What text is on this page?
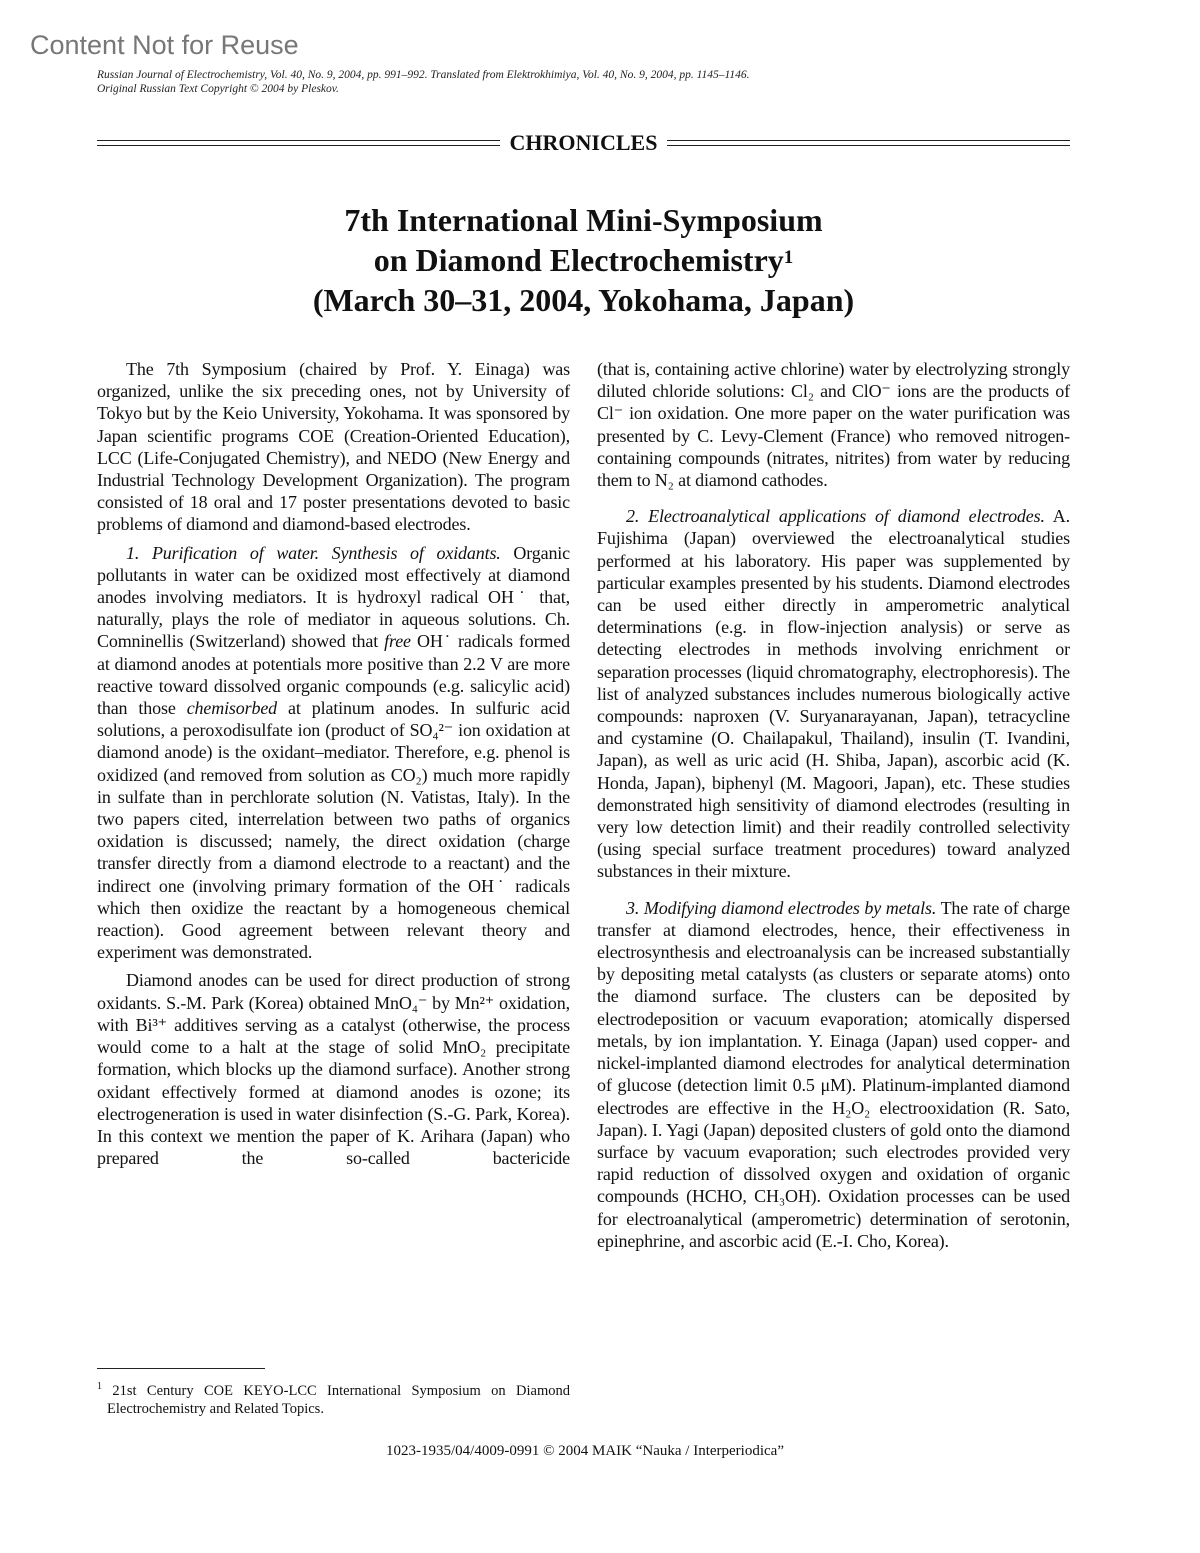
Content Not for Reuse
Russian Journal of Electrochemistry, Vol. 40, No. 9, 2004, pp. 991–992. Translated from Elektrokhimiya, Vol. 40, No. 9, 2004, pp. 1145–1146.
Original Russian Text Copyright © 2004 by Pleskov.
CHRONICLES
7th International Mini-Symposium
on Diamond Electrochemistry$^1$
(March 30–31, 2004, Yokohama, Japan)

The 7th Symposium (chaired by Prof. Y. Einaga) was organized, unlike the six preceding ones, not by University of Tokyo but by the Keio University, Yokohama. It was sponsored by Japan scientific programs COE (Creation-Oriented Education), LCC (Life-Conjugated Chemistry), and NEDO (New Energy and Industrial Technology Development Organization). The program consisted of 18 oral and 17 poster presentations devoted to basic problems of diamond and diamond-based electrodes.

1. Purification of water. Synthesis of oxidants. Organic pollutants in water can be oxidized most effectively at diamond anodes involving mediators. It is hydroxyl radical OH˙ that, naturally, plays the role of mediator in aqueous solutions. Ch. Comninellis (Switzerland) showed that free OH˙ radicals formed at diamond anodes at potentials more positive than 2.2 V are more reactive toward dissolved organic compounds (e.g. salicylic acid) than those chemisorbed at platinum anodes. In sulfuric acid solutions, a peroxodisulfate ion (product of SO₄²⁻ ion oxidation at diamond anode) is the oxidant–mediator. Therefore, e.g. phenol is oxidized (and removed from solution as CO₂) much more rapidly in sulfate than in perchlorate solution (N. Vatistas, Italy). In the two papers cited, interrelation between two paths of organics oxidation is discussed; namely, the direct oxidation (charge transfer directly from a diamond electrode to a reactant) and the indirect one (involving primary formation of the OH˙ radicals which then oxidize the reactant by a homogeneous chemical reaction). Good agreement between relevant theory and experiment was demonstrated.

Diamond anodes can be used for direct production of strong oxidants. S.-M. Park (Korea) obtained MnO₄⁻ by Mn²⁺ oxidation, with Bi³⁺ additives serving as a catalyst (otherwise, the process would come to a halt at the stage of solid MnO₂ precipitate formation, which blocks up the diamond surface). Another strong oxidant effectively formed at diamond anodes is ozone; its electrogeneration is used in water disinfection (S.-G. Park, Korea). In this context we mention the paper of K. Arihara (Japan) who prepared the so-called bactericide

(that is, containing active chlorine) water by electrolyzing strongly diluted chloride solutions: Cl₂ and ClO⁻ ions are the products of Cl⁻ ion oxidation. One more paper on the water purification was presented by C. Levy-Clement (France) who removed nitrogen-containing compounds (nitrates, nitrites) from water by reducing them to N₂ at diamond cathodes.

2. Electroanalytical applications of diamond electrodes. A. Fujishima (Japan) overviewed the electroanalytical studies performed at his laboratory. His paper was supplemented by particular examples presented by his students. Diamond electrodes can be used either directly in amperometric analytical determinations (e.g. in flow-injection analysis) or serve as detecting electrodes in methods involving enrichment or separation processes (liquid chromatography, electrophoresis). The list of analyzed substances includes numerous biologically active compounds: naproxen (V. Suryanarayanan, Japan), tetracycline and cystamine (O. Chailapakul, Thailand), insulin (T. Ivandini, Japan), as well as uric acid (H. Shiba, Japan), ascorbic acid (K. Honda, Japan), biphenyl (M. Magoori, Japan), etc. These studies demonstrated high sensitivity of diamond electrodes (resulting in very low detection limit) and their readily controlled selectivity (using special surface treatment procedures) toward analyzed substances in their mixture.

3. Modifying diamond electrodes by metals. The rate of charge transfer at diamond electrodes, hence, their effectiveness in electrosynthesis and electroanalysis can be increased substantially by depositing metal catalysts (as clusters or separate atoms) onto the diamond surface. The clusters can be deposited by electrodeposition or vacuum evaporation; atomically dispersed metals, by ion implantation. Y. Einaga (Japan) used copper- and nickel-implanted diamond electrodes for analytical determination of glucose (detection limit 0.5 μM). Platinum-implanted diamond electrodes are effective in the H₂O₂ electrooxidation (R. Sato, Japan). I. Yagi (Japan) deposited clusters of gold onto the diamond surface by vacuum evaporation; such electrodes provided very rapid reduction of dissolved oxygen and oxidation of organic compounds (HCHO, CH₃OH). Oxidation processes can be used for electroanalytical (amperometric) determination of serotonin, epinephrine, and ascorbic acid (E.-I. Cho, Korea).

$^1$ 21st Century COE KEYO-LCC International Symposium on Diamond Electrochemistry and Related Topics.
1023-1935/04/4009-0991 © 2004 MAIK “Nauka / Interperiodica”
